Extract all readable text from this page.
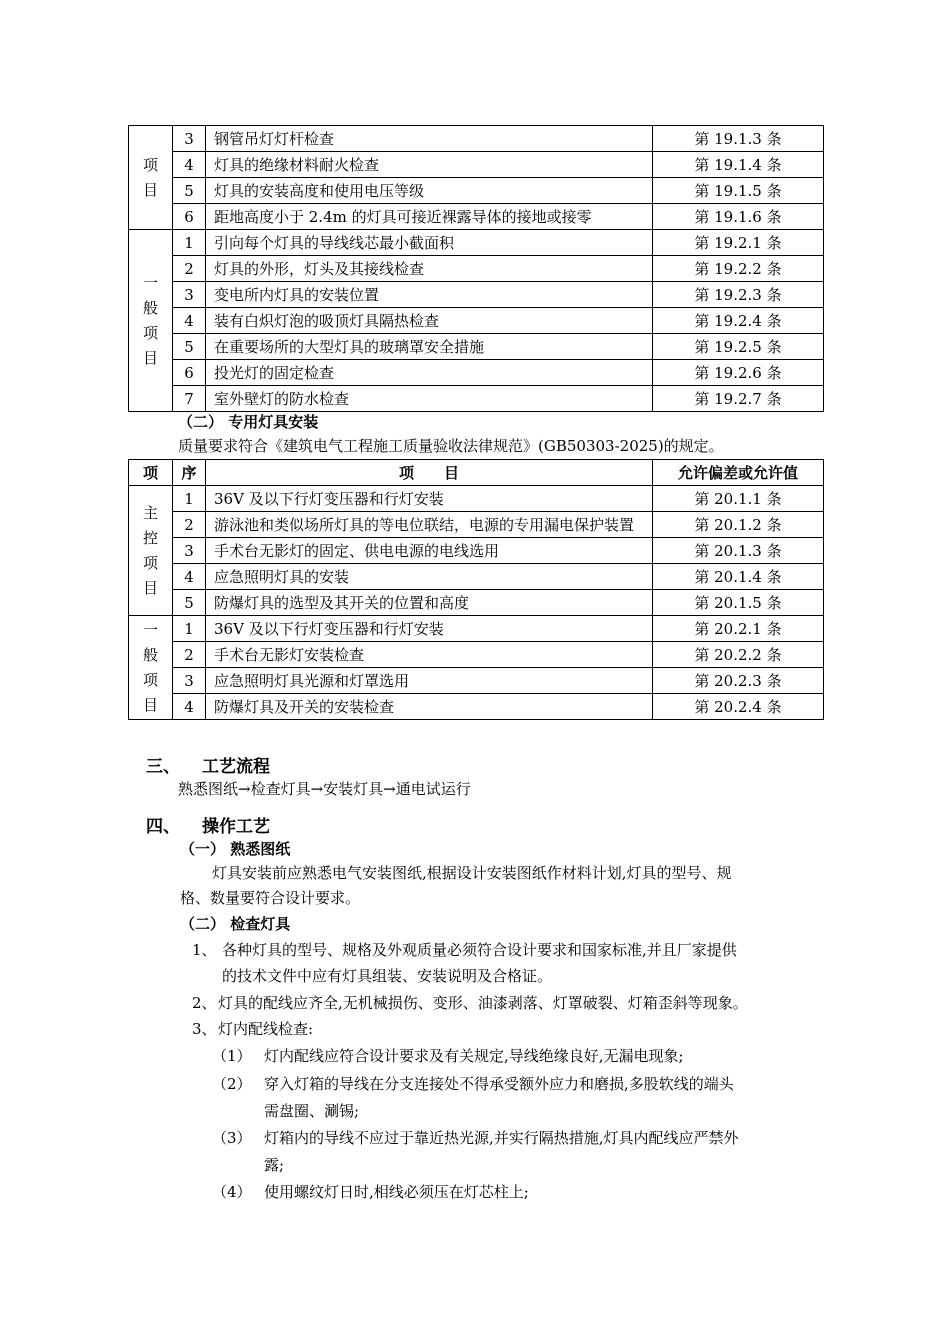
项
目	3	钢管吊灯灯杆检查	第 19.1.3 条
	4	灯具的绝缘材料耐火检查	第 19.1.4 条
	5	灯具的安装高度和使用电压等级	第 19.1.5 条
	6	距地高度小于 2.4m 的灯具可接近裸露导体的接地或接零	第 19.1.6 条
一
般
项
目	1	引向每个灯具的导线线芯最小截面积	第 19.2.1 条
	2	灯具的外形，灯头及其接线检查	第 19.2.2 条
	3	变电所内灯具的安装位置	第 19.2.3 条
	4	装有白炽灯泡的吸顶灯具隔热检查	第 19.2.4 条
	5	在重要场所的大型灯具的玻璃罩安全措施	第 19.2.5 条
	6	投光灯的固定检查	第 19.2.6 条
	7	室外壁灯的防水检查	第 19.2.7 条
（二） 专用灯具安装
质量要求符合《建筑电气工程施工质量验收法律规范》(GB50303-2025)的规定。
项	序	项　　目	允许偏差或允许值
主
控
项
目	1	36V 及以下行灯变压器和行灯安装	第 20.1.1 条
	2	游泳池和类似场所灯具的等电位联结，电源的专用漏电保护装置	第 20.1.2 条
	3	手术台无影灯的固定、供电电源的电线选用	第 20.1.3 条
	4	应急照明灯具的安装	第 20.1.4 条
	5	防爆灯具的选型及其开关的位置和高度	第 20.1.5 条
一
般
项
目	1	36V 及以下行灯变压器和行灯安装	第 20.2.1 条
	2	手术台无影灯安装检查	第 20.2.2 条
	3	应急照明灯具光源和灯罩选用	第 20.2.3 条
	4	防爆灯具及开关的安装检查	第 20.2.4 条
三、 工艺流程
熟悉图纸→检查灯具→安装灯具→通电试运行
四、 操作工艺
（一） 熟悉图纸
灯具安装前应熟悉电气安装图纸,根据设计安装图纸作材料计划,灯具的型号、规
格、数量要符合设计要求。
（二） 检查灯具
1、 各种灯具的型号、规格及外观质量必须符合设计要求和国家标准,并且厂家提供
的技术文件中应有灯具组装、安装说明及合格证。
2、 灯具的配线应齐全,无机械损伤、变形、油漆剥落、灯罩破裂、灯箱歪斜等现象。
3、 灯内配线检查:
（1） 灯内配线应符合设计要求及有关规定,导线绝缘良好,无漏电现象;
（2） 穿入灯箱的导线在分支连接处不得承受额外应力和磨损,多股软线的端头
需盘圈、涮锡;
（3） 灯箱内的导线不应过于靠近热光源,并实行隔热措施,灯具内配线应严禁外
露;
（4） 使用螺纹灯日时,相线必须压在灯芯柱上;
